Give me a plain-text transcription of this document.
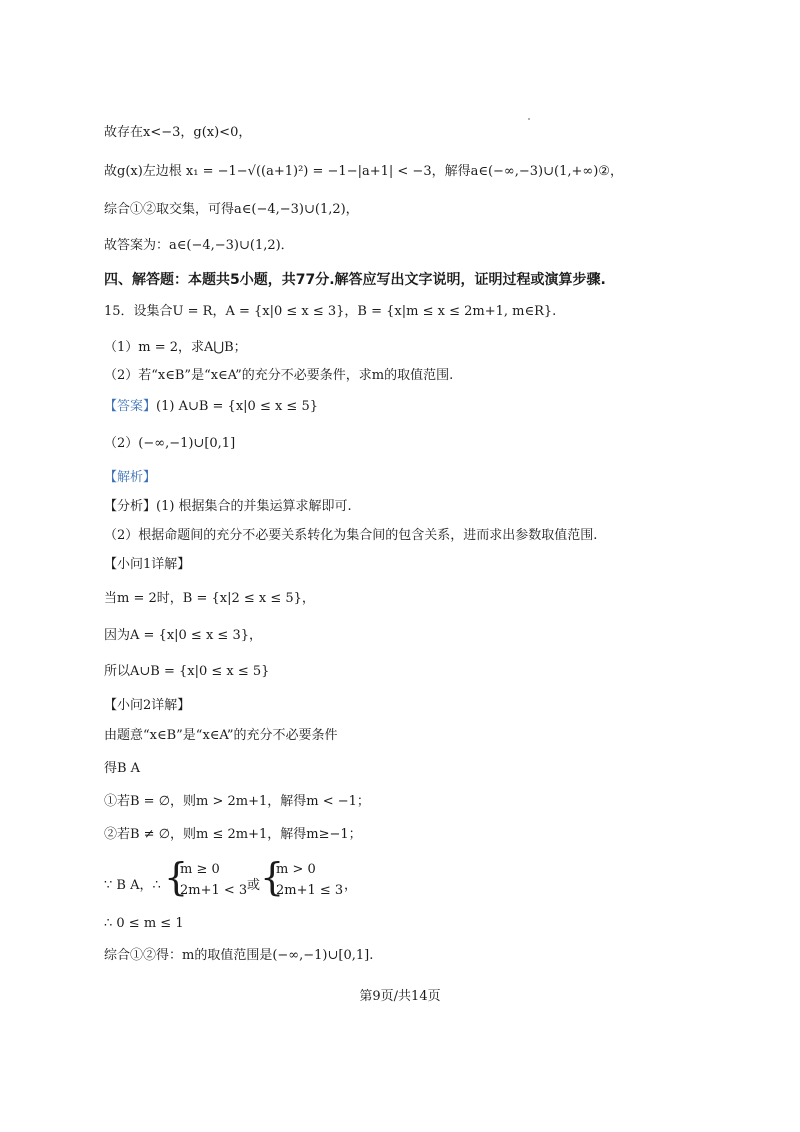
故存在x<−3，g(x)<0，
故g(x)左边根 x₁ = −1−√((a+1)²) = −1−|a+1| < −3，解得a∈(−∞,−3)∪(1,+∞)②，
综合①②取交集，可得a∈(−4,−3)∪(1,2)，
故答案为：a∈(−4,−3)∪(1,2)．
四、解答题：本题共5小题，共77分.解答应写出文字说明，证明过程或演算步骤.
15．设集合U = R，A = {x|0 ≤ x ≤ 3}，B = {x|m ≤ x ≤ 2m+1, m∈R}.
（1）m = 2，求A⋃B；
（2）若“x∈B”是“x∈A”的充分不必要条件，求m的取值范围.
【答案】(1) A∪B = {x|0 ≤ x ≤ 5}
（2）(−∞,−1)∪[0,1]
【解析】
【分析】(1) 根据集合的并集运算求解即可.
（2）根据命题间的充分不必要关系转化为集合间的包含关系，进而求出参数取值范围.
【小问1详解】
当m = 2时，B = {x|2 ≤ x ≤ 5}，
因为A = {x|0 ≤ x ≤ 3}，
所以A∪B = {x|0 ≤ x ≤ 5}
【小问2详解】
由题意“x∈B”是“x∈A”的充分不必要条件
得B A
①若B = ∅，则m > 2m+1，解得m < −1；
②若B ≠ ∅，则m ≤ 2m+1，解得m≥−1；
∵ B A，∴ {
m ≥ 0
2m+1 < 3 或 {
m > 0
2m+1 ≤ 3 ，
∴ 0 ≤ m ≤ 1
综合①②得：m的取值范围是(−∞,−1)∪[0,1].
第9页/共14页
